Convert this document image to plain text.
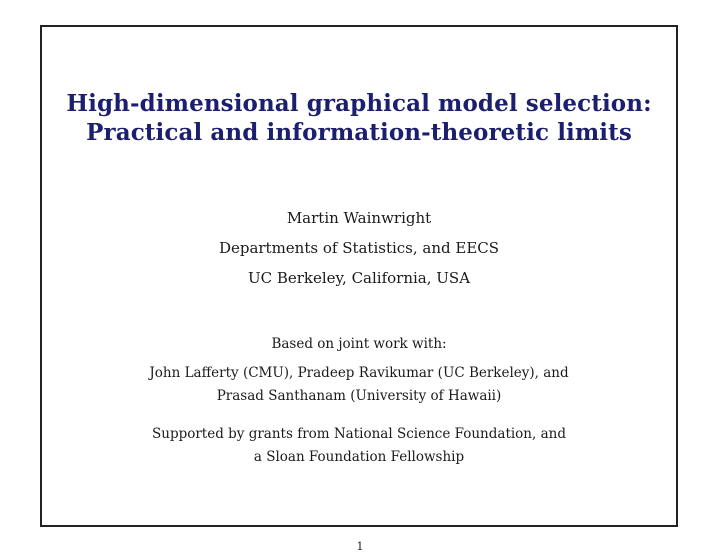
High-dimensional graphical model selection:
Practical and information-theoretic limits
Martin Wainwright
Departments of Statistics, and EECS
UC Berkeley, California, USA
Based on joint work with:
John Lafferty (CMU), Pradeep Ravikumar (UC Berkeley), and
Prasad Santhanam (University of Hawaii)
Supported by grants from National Science Foundation, and
a Sloan Foundation Fellowship
1
